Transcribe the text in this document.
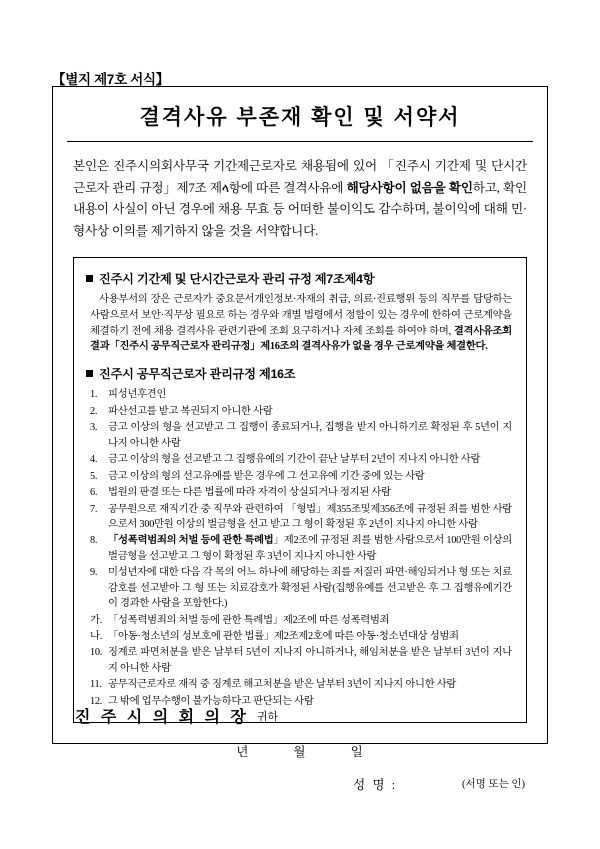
【별지 제7호 서식】
결격사유 부존재 확인 및 서약서

본인은 진주시의회사무국 기간제근로자로 채용됨에 있어 「진주시 기간제 및 단시간근로자 관리 규정」제7조 제ላ항에 따른 결격사유에 해당사항이 없음을 확인하고, 확인 내용이 사실이 아닌 경우에 채용 무효 등 어떠한 불이익도 감수하며, 불이익에 대해 민·형사상 이의를 제기하지 않을 것을 서약합니다.

진주시 기간제 및 단시간근로자 관리 규정 제7조제4항

사용부서의 장은 근로자가 중요문서개인정보·자재의 취급, 의료·진료행위 등의 직무를 담당하는 사람으로서 보안·직무상 필요로 하는 경우와 개별 법령에서 정함이 있는 경우에 한하여 근로계약을 체결하기 전에 채용 결격사유 관련기관에 조회 요구하거나 자체 조회를 하여야 하며, 결격사유조회 결과「진주시 공무직근로자 관리규정」제16조의 결격사유가 없을 경우 근로계약을 체결한다.

진주시 공무직근로자 관리규정 제16조
1.	피성년후견인
2.	파산선고를 받고 복권되지 아니한 사람
3.	금고 이상의 형을 선고받고 그 집행이 종료되거나, 집행을 받지 아니하기로 확정된 후 5년이 지나지 아니한 사람
4.	금고 이상의 형을 선고받고 그 집행유예의 기간이 끝난 날부터 2년이 지나지 아니한 사람
5.	금고 이상의 형의 선고유예를 받은 경우에 그 선고유예 기간 중에 있는 사람
6.	법원의 판결 또는 다른 법률에 따라 자격이 상실되거나 정지된 사람
7.	공무원으로 재직기간 중 직무와 관련하여 「형법」제355조및제356조에 규정된 죄를 범한 사람으로서 300만원 이상의 벌금형을 선고 받고 그 형이 확정된 후 2년이 지나지 아니한 사람
8.	「성폭력범죄의 처벌 등에 관한 특례법」제2조에 규정된 죄를 범한 사람으로서 100만원 이상의 벌금형을 선고받고 그 형이 확정된 후 3년이 지나지 아니한 사람
9.	미성년자에 대한 다음 각 목의 어느 하나에 해당하는 죄를 저질러 파면·해임되거나 형 또는 치료감호를 선고받아 그 형 또는 치료감호가 확정된 사람(집행유예를 선고받은 후 그 집행유예기간이 경과한 사람을 포함한다.)
가. 「성폭력범죄의 처벌 등에 관한 특례법」제2조에 따른 성폭력범죄
나. 「아동·청소년의 성보호에 관한 법률」제2조제2호에 따른 아동·청소년대상 성범죄
10. 징계로 파면처분을 받은 날부터 5년이 지나지 아니하거나, 해임처분을 받은 날부터 3년이 지나지 아니한 사람
11. 공무직근로자로 재직 중 징계로 해고처분을 받은 날부터 3년이 지나지 아니한 사람
12. 그 밖에 업무수행이 불가능하다고 판단되는 사람
년	월	일
성 명 :	(서명 또는 인)
진 주 시 의 회 의 장 귀하
